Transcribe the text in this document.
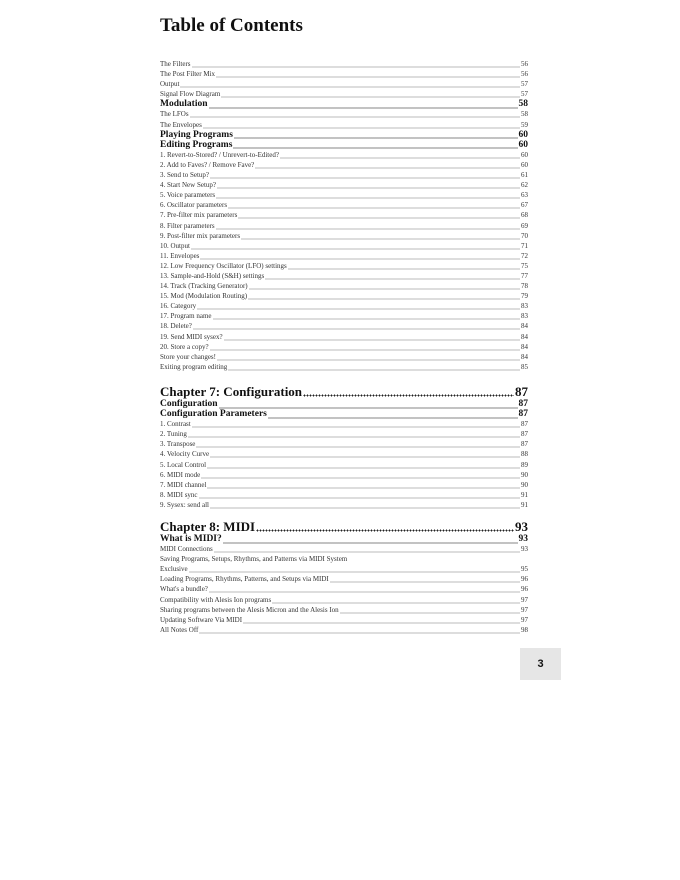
Table of Contents
The Filters	56
The Post Filter Mix	56
Output	57
Signal Flow Diagram	57
Modulation	58
The LFOs	58
The Envelopes	59
Playing Programs	60
Editing Programs	60
1. Revert-to-Stored? / Unrevert-to-Edited?	60
2. Add to Faves? / Remove Fave?	60
3. Send to Setup?	61
4. Start New Setup?	62
5. Voice parameters	63
6. Oscillator parameters	67
7. Pre-filter mix parameters	68
8. Filter parameters	69
9. Post-filter mix parameters	70
10. Output	71
11. Envelopes	72
12. Low Frequency Oscillator (LFO) settings	75
13. Sample-and-Hold (S&H) settings	77
14. Track (Tracking Generator)	78
15. Mod (Modulation Routing)	79
16. Category	83
17. Program name	83
18. Delete?	84
19. Send MIDI sysex?	84
20. Store a copy?	84
Store your changes!	84
Exiting program editing	85
Chapter 7: Configuration	87
Configuration	87
Configuration Parameters	87
1. Contrast	87
2. Tuning	87
3. Transpose	87
4. Velocity Curve	88
5. Local Control	89
6. MIDI mode	90
7. MIDI channel	90
8. MIDI sync	91
9. Sysex: send all	91
Chapter 8: MIDI	93
What is MIDI?	93
MIDI Connections	93
Saving Programs, Setups, Rhythms, and Patterns via MIDI System
Exclusive	95
Loading Programs, Rhythms, Patterns, and Setups via MIDI	96
What's a bundle?	96
Compatibility with Alesis Ion programs	97
Sharing programs between the Alesis Micron and the Alesis Ion	97
Updating Software Via MIDI	97
All Notes Off	98
3
